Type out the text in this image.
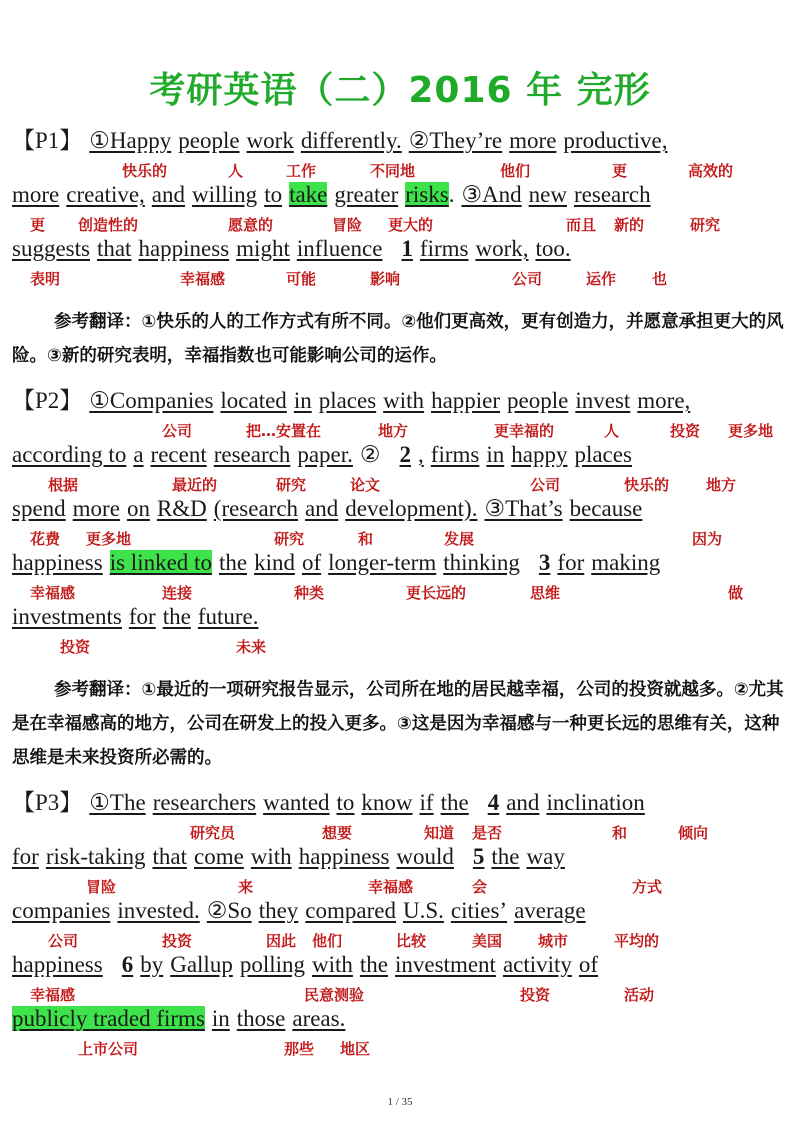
考研英语（二）2016 年 完形
【P1】 ①Happy people work differently. ②They’re more productive,
快乐的	人	工作	不同地	他们	更	高效的
more creative, and willing to take greater risks. ③And new research
更 创造性的	愿意的	冒险 更大的	而且 新的	研究
suggests that happiness might influence 1 firms work, too.
表明	幸福感	可能	影响	公司	运作 也

参考翻译：①快乐的人的工作方式有所不同。②他们更高效，更有创造力，并愿意承担更大的风险。③新的研究表明，幸福指数也可能影响公司的运作。

【P2】 ①Companies located in places with happier people invest more,
公司	把…安置在	地方	更幸福的	人	投资 更多地
according to a recent research paper. ② 2 , firms in happy places
根据	最近的	研究	论文	公司	快乐的 地方
spend more on R&D (research and development). ③That’s because
花费 更多地	研究	和	发展	因为
happiness is linked to the kind of longer-term thinking 3 for making
幸福感	连接	种类	更长远的	思维	做
investments for the future.
投资	未来

参考翻译：①最近的一项研究报告显示，公司所在地的居民越幸福，公司的投资就越多。②尤其是在幸福感高的地方，公司在研发上的投入更多。③这是因为幸福感与一种更长远的思维有关，这种思维是未来投资所必需的。

【P3】 ①The researchers wanted to know if the 4 and inclination
研究员	想要	知道 是否	和	倾向
for risk-taking that come with happiness would 5 the way
冒险	来	幸福感	会	方式
companies invested. ②So they compared U.S. cities’ average
公司	投资	因此 他们	比较	美国 城市	平均的
happiness 6 by Gallup polling with the investment activity of
幸福感	民意测验	投资	活动
publicly traded firms in those areas.
上市公司	那些 地区
1 / 35
